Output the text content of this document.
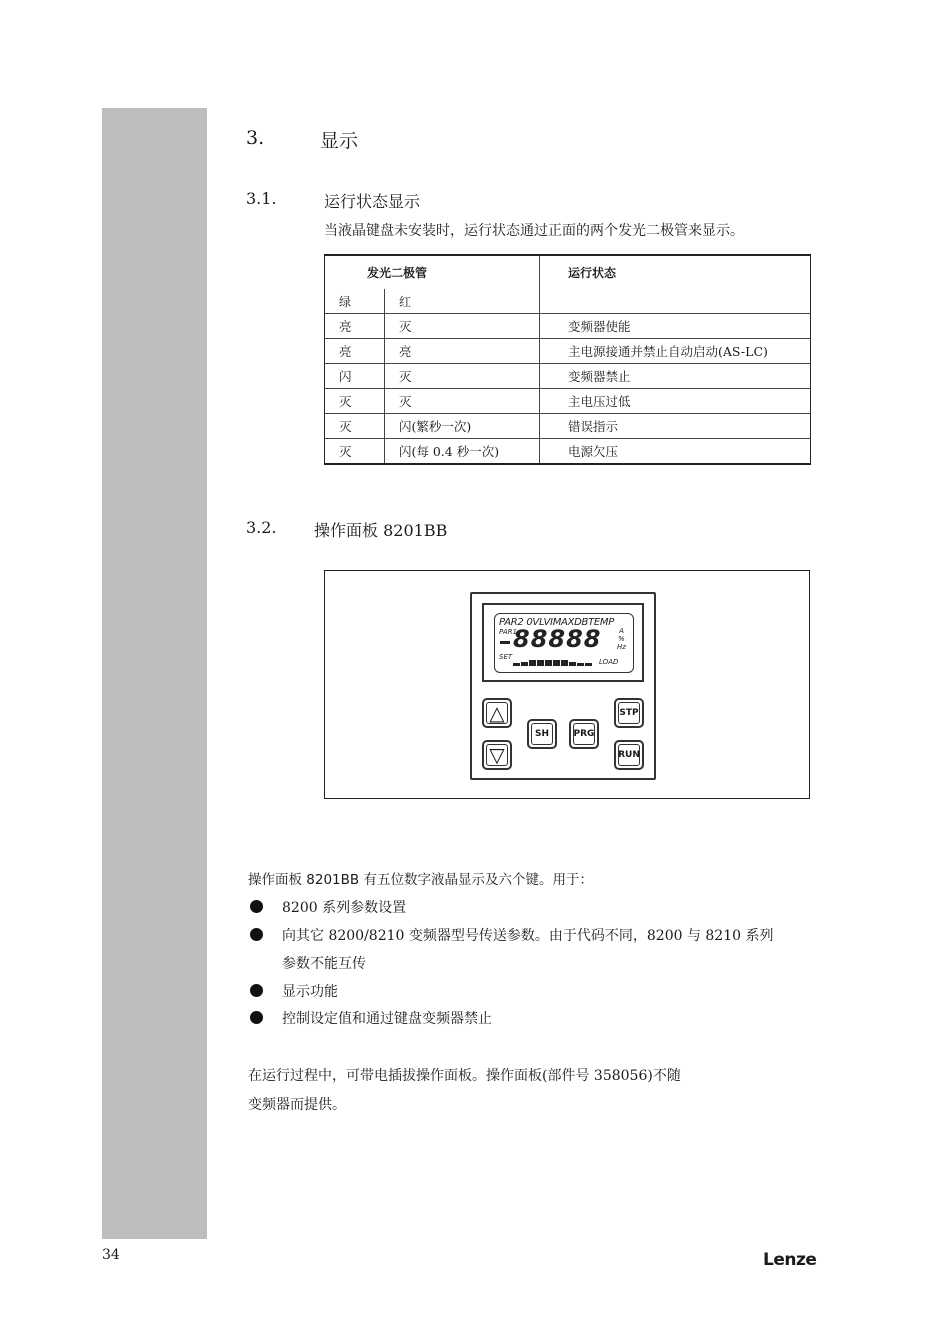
3.	显示
3.1.	运行状态显示
当液晶键盘未安装时，运行状态通过正面的两个发光二极管来显示。
发光二极管		运行状态
绿	红	
亮	灭	变频器使能
亮	亮	主电源接通并禁止自动启动(AS-LC)
闪	灭	变频器禁止
灭	灭	主电压过低
灭	闪(繁秒一次)	错误指示
灭	闪(每 0.4 秒一次)	电源欠压
3.2. 操作面板 8201BB
PAR2 0VLVIMAXDBTEMP
PAR1
88888	A
%
Hz
SET
LOAD
△
▽
SH	PRG
STP
RUN
操作面板 8201BB 有五位数字液晶显示及六个键。用于：
8200 系列参数设置
向其它 8200/8210 变频器型号传送参数。由于代码不同，8200 与 8210 系列
参数不能互传
显示功能
控制设定值和通过键盘变频器禁止
在运行过程中，可带电插拔操作面板。操作面板(部件号 358056)不随
变频器而提供。
34	Lenze
